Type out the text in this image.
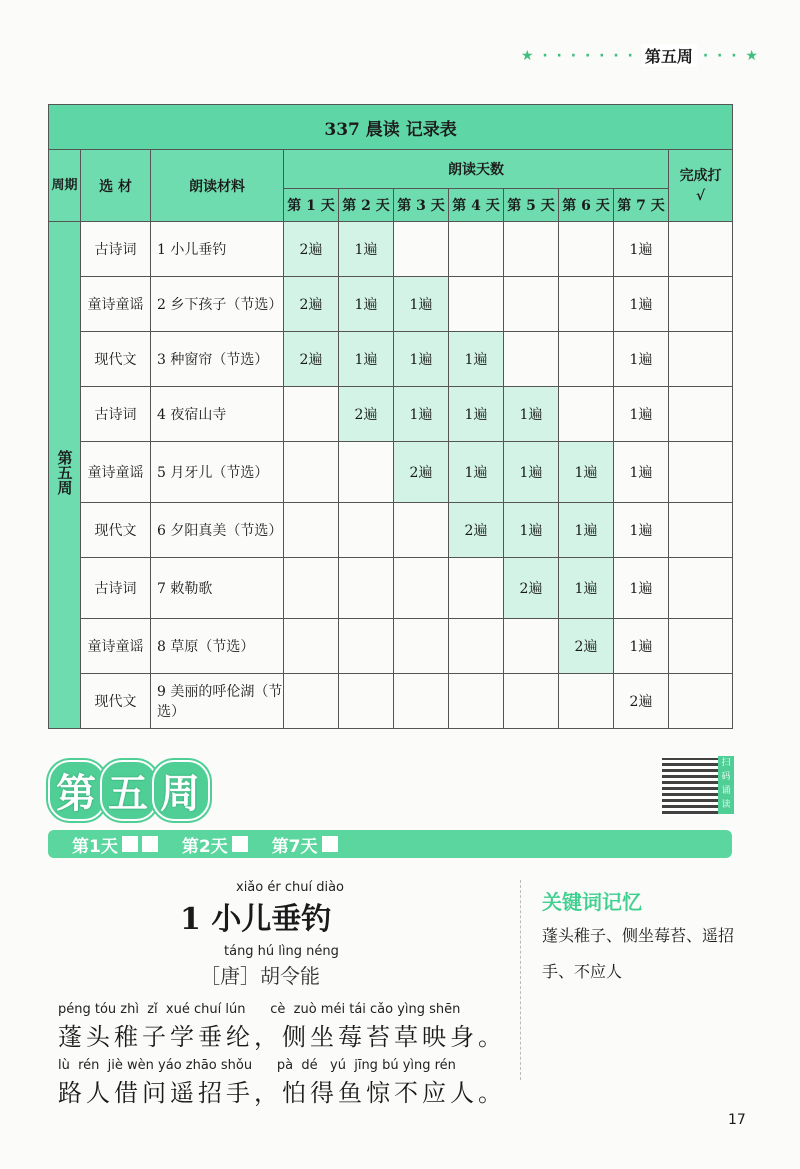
★ · · · · · · · 第五周 · · · ★
337 晨读 记录表										
周期	选 材	朗读材料	朗读天数							完成打√
			第 1 天	第 2 天	第 3 天	第 4 天	第 5 天	第 6 天	第 7 天	
第五周	古诗词	1 小儿垂钓	2遍	1遍					1遍	
	童诗童谣	2 乡下孩子（节选）	2遍	1遍	1遍				1遍	
	现代文	3 种窗帘（节选）	2遍	1遍	1遍	1遍			1遍	
	古诗词	4 夜宿山寺		2遍	1遍	1遍	1遍		1遍	
	童诗童谣	5 月牙儿（节选）			2遍	1遍	1遍	1遍	1遍	
	现代文	6 夕阳真美（节选）				2遍	1遍	1遍	1遍	
	古诗词	7 敕勒歌					2遍	1遍	1遍	
	童诗童谣	8 草原（节选）						2遍	1遍	
	现代文	9 美丽的呼伦湖（节选）							2遍	
第 五 周
扫码诵读
第1天	第2天	第7天
xiǎo ér chuí diào
1 小儿垂钓
táng hú lìng néng
［唐］胡令能
péng tóu zhì  zǐ  xué chuí lún      cè  zuò méi tái cǎo yìng shēn
蓬头稚子学垂纶，侧坐莓苔草映身。
lù  rén  jiè wèn yáo zhāo shǒu      pà  dé   yú  jīng bú yìng rén
路人借问遥招手，怕得鱼惊不应人。
关键词记忆
蓬头稚子、侧坐莓苔、遥招手、不应人
17
